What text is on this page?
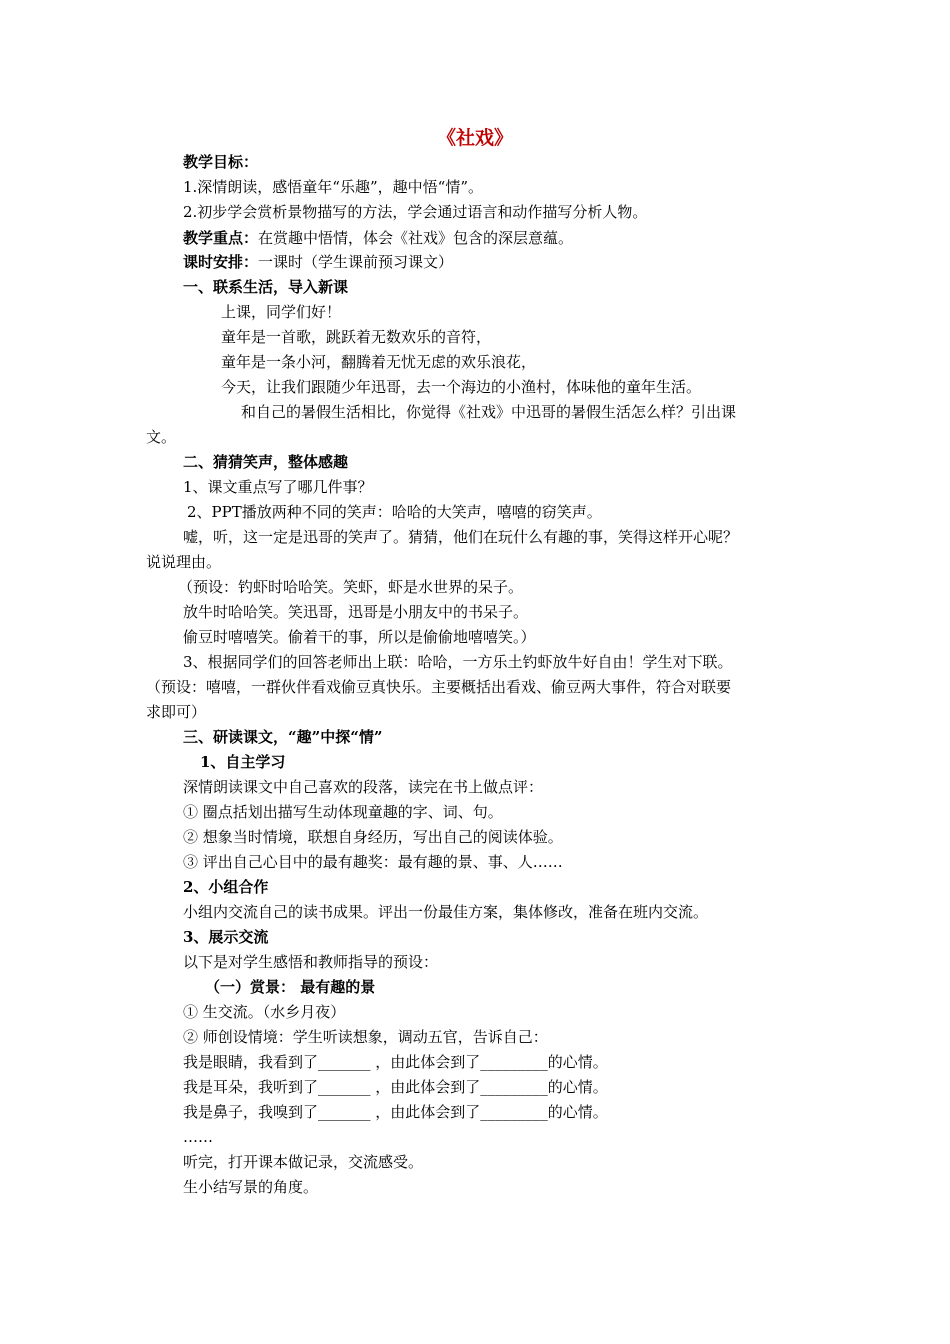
《社戏》
教学目标：
1.深情朗读，感悟童年“乐趣”，趣中悟“情”。
2.初步学会赏析景物描写的方法，学会通过语言和动作描写分析人物。
教学重点：在赏趣中悟情，体会《社戏》包含的深层意蕴。
课时安排：一课时（学生课前预习课文）
一、联系生活，导入新课
上课，同学们好！
童年是一首歌，跳跃着无数欢乐的音符，
童年是一条小河，翻腾着无忧无虑的欢乐浪花，
今天，让我们跟随少年迅哥，去一个海边的小渔村，体味他的童年生活。
和自己的暑假生活相比，你觉得《社戏》中迅哥的暑假生活怎么样？引出课
文。
二、猜猜笑声，整体感趣
1、课文重点写了哪几件事？
2、PPT播放两种不同的笑声：哈哈的大笑声，嘻嘻的窃笑声。
嘘，听，这一定是迅哥的笑声了。猜猜，他们在玩什么有趣的事，笑得这样开心呢？
说说理由。
（预设：钓虾时哈哈笑。笑虾，虾是水世界的呆子。
放牛时哈哈笑。笑迅哥，迅哥是小朋友中的书呆子。
偷豆时嘻嘻笑。偷着干的事，所以是偷偷地嘻嘻笑。）
3、根据同学们的回答老师出上联：哈哈，一方乐土钓虾放牛好自由！学生对下联。
（预设：嘻嘻，一群伙伴看戏偷豆真快乐。主要概括出看戏、偷豆两大事件，符合对联要
求即可）
三、研读课文，“趣”中探“情”
1、自主学习
深情朗读课文中自己喜欢的段落，读完在书上做点评：
① 圈点括划出描写生动体现童趣的字、词、句。
② 想象当时情境，联想自身经历，写出自己的阅读体验。
③ 评出自己心目中的最有趣奖：最有趣的景、事、人……
2、小组合作
小组内交流自己的读书成果。评出一份最佳方案，集体修改，准备在班内交流。
3、展示交流
以下是对学生感悟和教师指导的预设：
（一）赏景： 最有趣的景
① 生交流。（水乡月夜）
② 师创设情境：学生听读想象，调动五官，告诉自己：
我是眼睛，我看到了_______ ，由此体会到了_________的心情。
我是耳朵，我听到了_______ ，由此体会到了_________的心情。
我是鼻子，我嗅到了_______ ，由此体会到了_________的心情。
……
听完，打开课本做记录，交流感受。
生小结写景的角度。
